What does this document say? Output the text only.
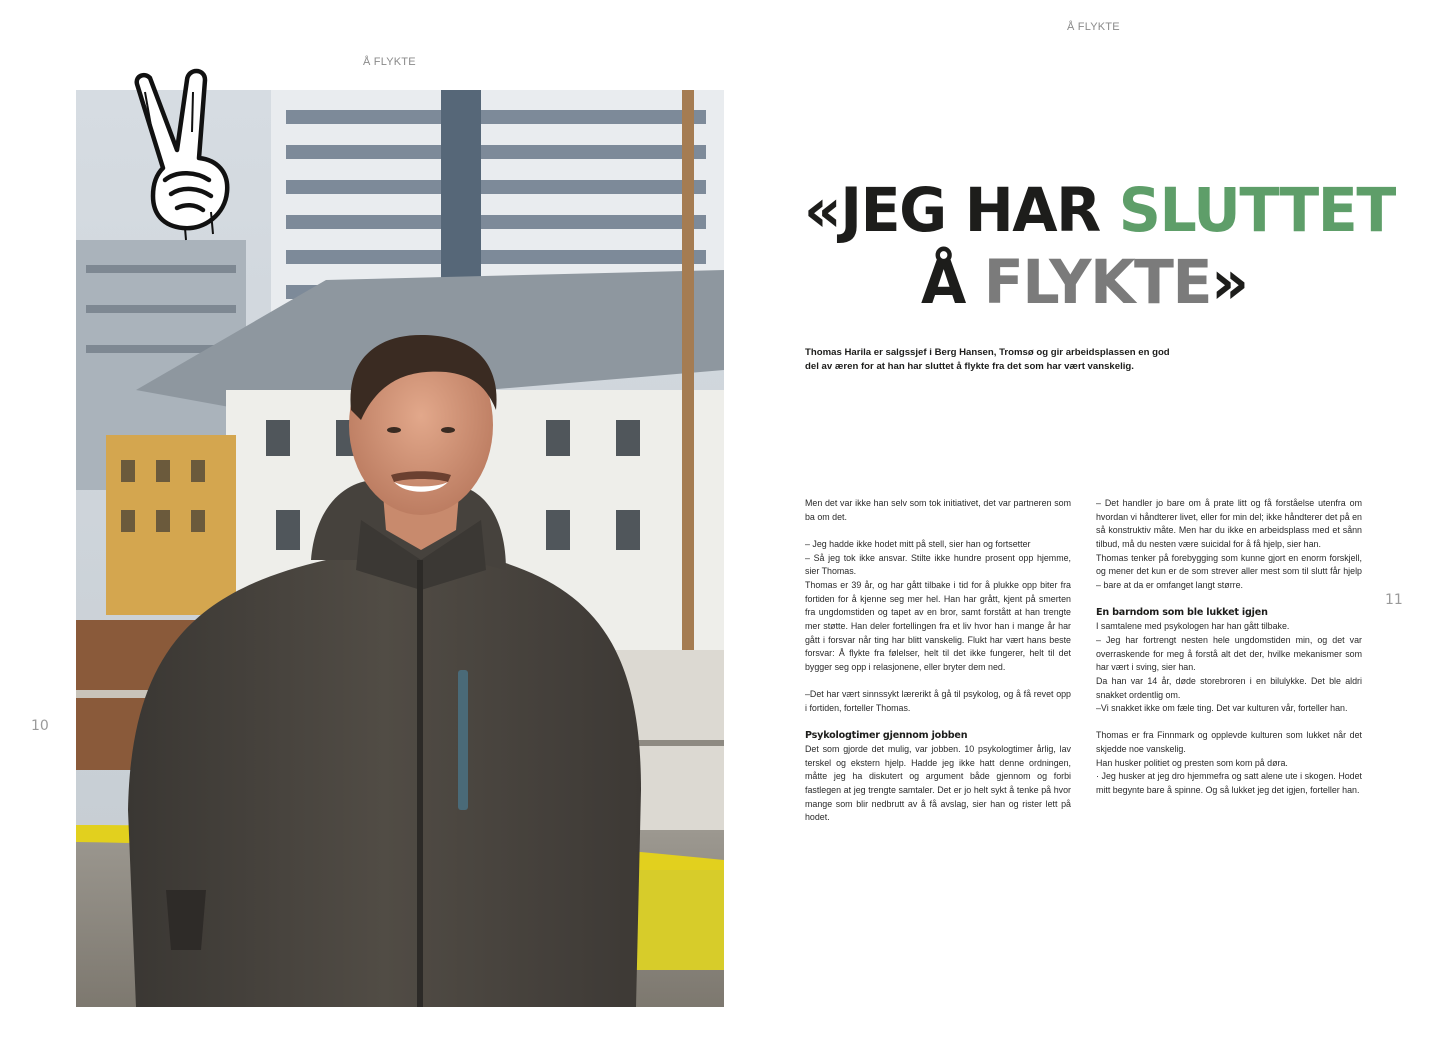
Å FLYKTE
Å FLYKTE
«JEG HAR SLUTTET
Å FLYKTE»
Thomas Harila er salgssjef i Berg Hansen, Tromsø og gir arbeidsplassen en god del av æren for at han har sluttet å flykte fra det som har vært vanskelig.

Men det var ikke han selv som tok initiativet, det var partneren som ba om det.

– Jeg hadde ikke hodet mitt på stell, sier han og fortsetter

– Så jeg tok ikke ansvar. Stilte ikke hundre prosent opp hjemme, sier Thomas.

Thomas er 39 år, og har gått tilbake i tid for å plukke opp biter fra fortiden for å kjenne seg mer hel. Han har grått, kjent på smerten fra ungdomstiden og tapet av en bror, samt forstått at han trengte mer støtte. Han deler fortellingen fra et liv hvor han i mange år har gått i forsvar når ting har blitt vanskelig. Flukt har vært hans beste forsvar: Å flykte fra følelser, helt til det ikke fungerer, helt til det bygger seg opp i relasjonene, eller bryter dem ned.

–Det har vært sinnssykt lærerikt å gå til psykolog, og å få revet opp i fortiden, forteller Thomas.

Psykologtimer gjennom jobben

Det som gjorde det mulig, var jobben. 10 psykologtimer årlig, lav terskel og ekstern hjelp. Hadde jeg ikke hatt denne ordningen, måtte jeg ha diskutert og argument både gjennom og forbi fastlegen at jeg trengte samtaler. Det er jo helt sykt å tenke på hvor mange som blir nedbrutt av å få avslag, sier han og rister lett på hodet.

– Det handler jo bare om å prate litt og få forståelse utenfra om hvordan vi håndterer livet, eller for min del; ikke håndterer det på en så konstruktiv måte. Men har du ikke en arbeidsplass med et sånn tilbud, må du nesten være suicidal for å få hjelp, sier han.

Thomas tenker på forebygging som kunne gjort en enorm forskjell, og mener det kun er de som strever aller mest som til slutt får hjelp – bare at da er omfanget langt større.

En barndom som ble lukket igjen

I samtalene med psykologen har han gått tilbake.

– Jeg har fortrengt nesten hele ungdomstiden min, og det var overraskende for meg å forstå alt det der, hvilke mekanismer som har vært i sving, sier han.

Da han var 14 år, døde storebroren i en bilulykke. Det ble aldri snakket ordentlig om.

–Vi snakket ikke om fæle ting. Det var kulturen vår, forteller han.

Thomas er fra Finnmark og opplevde kulturen som lukket når det skjedde noe vanskelig.

Han husker politiet og presten som kom på døra.

· Jeg husker at jeg dro hjemmefra og satt alene ute i skogen. Hodet mitt begynte bare å spinne. Og så lukket jeg det igjen, forteller han.

10
11
